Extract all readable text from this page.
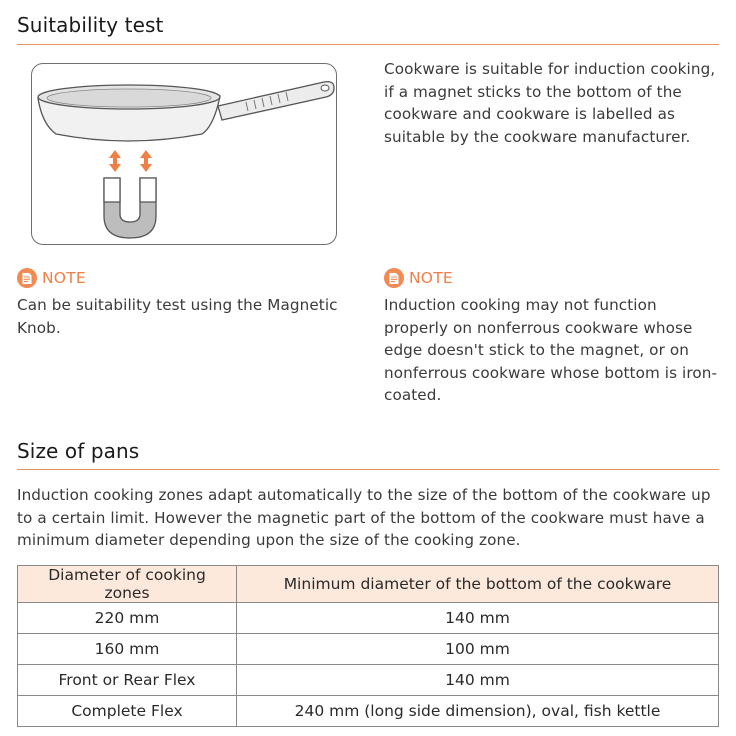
Suitability test

Cookware is suitable for induction cooking, if a magnet sticks to the bottom of the cookware and cookware is labelled as suitable by the cookware manufacturer.

NOTE

Can be suitability test using the Magnetic Knob.

NOTE

Induction cooking may not function properly on nonferrous cookware whose edge doesn't stick to the magnet, or on nonferrous cookware whose bottom is iron-coated.

Size of pans

Induction cooking zones adapt automatically to the size of the bottom of the cookware up to a certain limit. However the magnetic part of the bottom of the cookware must have a minimum diameter depending upon the size of the cooking zone.

Diameter of cooking zones	Minimum diameter of the bottom of the cookware
220 mm	140 mm
160 mm	100 mm
Front or Rear Flex	140 mm
Complete Flex	240 mm (long side dimension), oval, fish kettle
